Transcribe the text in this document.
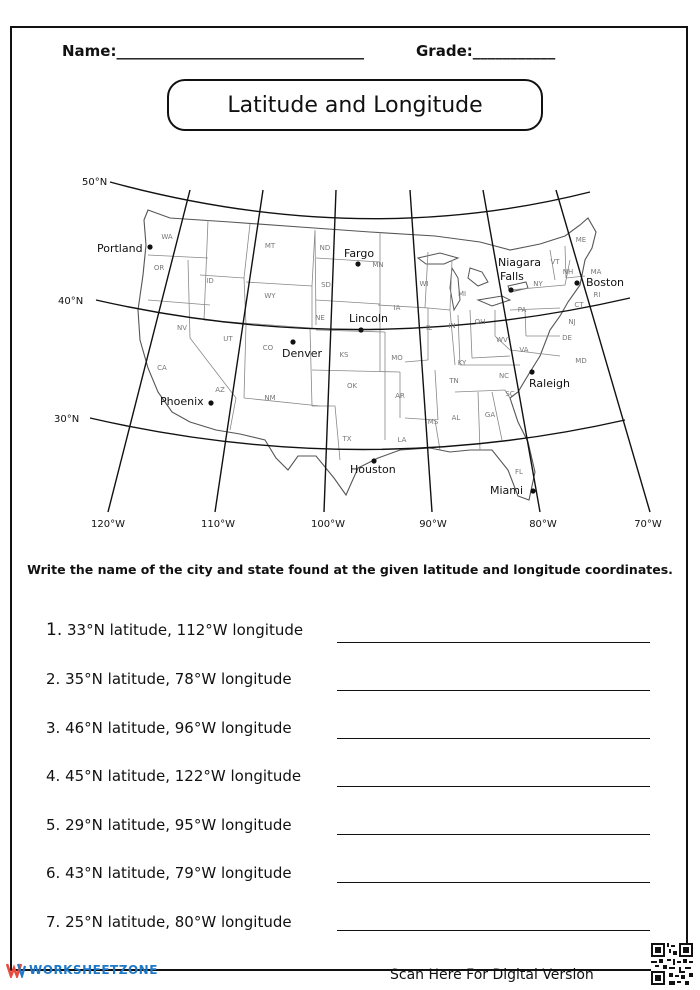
Name:_________________________________	Grade:___________
Latitude and Longitude
50°N
40°N
30°N
120°W	110°W	100°W	90°W	80°W	70°W
WA
OR
CA
NV
ID
MT
WY
UT
AZ
CO
NM
ND
SD
NE
KS
OK
TX
MN
IA
MO
AR
LA
WI
IL
MI
IN	OH
KY
TN
MS AL	GA
FL
SC
NC
VA
WV
PA
NY
VT
NH
ME
MA
RI
CT
NJ
DE
MD
Portland	Fargo
Niagara
Falls	Boston
Lincoln
Denver
Raleigh
Phoenix
Houston
Miami
Write the name of the city and state found at the given latitude and longitude coordinates.
1. 33°N latitude, 112°W longitude
2. 35°N latitude, 78°W longitude
3. 46°N latitude, 96°W longitude
4. 45°N latitude, 122°W longitude
5. 29°N latitude, 95°W longitude
6. 43°N latitude, 79°W longitude
7. 25°N latitude, 80°W longitude
WORKSHEETZONE	Scan Here For Digital Version
